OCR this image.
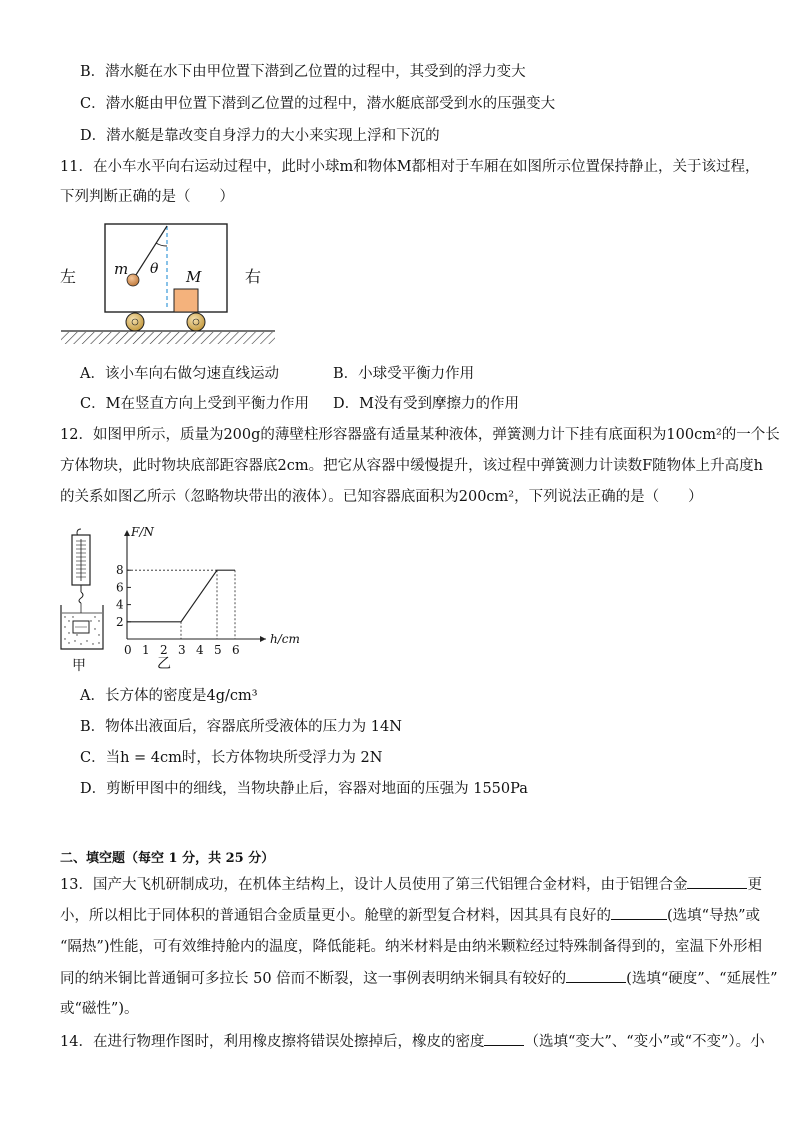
B．潜水艇在水下由甲位置下潜到乙位置的过程中，其受到的浮力变大
C．潜水艇由甲位置下潜到乙位置的过程中，潜水艇底部受到水的压强变大
D．潜水艇是靠改变自身浮力的大小来实现上浮和下沉的
11．在小车水平向右运动过程中，此时小球m和物体M都相对于车厢在如图所示位置保持静止，关于该过程，
下列判断正确的是（　　）
左	右
m θ M
A．该小车向右做匀速直线运动	B．小球受平衡力作用
C．M在竖直方向上受到平衡力作用 D．M没有受到摩擦力的作用
12．如图甲所示，质量为200g的薄壁柱形容器盛有适量某种液体，弹簧测力计下挂有底面积为100cm²的一个长
方体物块，此时物块底部距容器底2cm。把它从容器中缓慢提升，该过程中弹簧测力计读数F随物体上升高度h
的关系如图乙所示（忽略物块带出的液体）。已知容器底面积为200cm²，下列说法正确的是（　　）
甲
F/N
h/cm
0 1 2 3 4 5 6
2
4
6
8
乙
A．长方体的密度是4g/cm³
B．物体出液面后，容器底所受液体的压力为 14N
C．当h = 4cm时，长方体物块所受浮力为 2N
D．剪断甲图中的细线，当物块静止后，容器对地面的压强为 1550Pa
二、填空题（每空 1 分，共 25 分）
13．国产大飞机研制成功，在机体主结构上，设计人员使用了第三代铝锂合金材料，由于铝锂合金	更
小，所以相比于同体积的普通铝合金质量更小。舱壁的新型复合材料，因其具有良好的	(选填“导热”或
“隔热”)性能，可有效维持舱内的温度，降低能耗。纳米材料是由纳米颗粒经过特殊制备得到的，室温下外形相
同的纳米铜比普通铜可多拉长 50 倍而不断裂，这一事例表明纳米铜具有较好的	(选填“硬度”、“延展性”
或“磁性”)。
14．在进行物理作图时，利用橡皮擦将错误处擦掉后，橡皮的密度	（选填“变大”、“变小”或“不变”）。小
